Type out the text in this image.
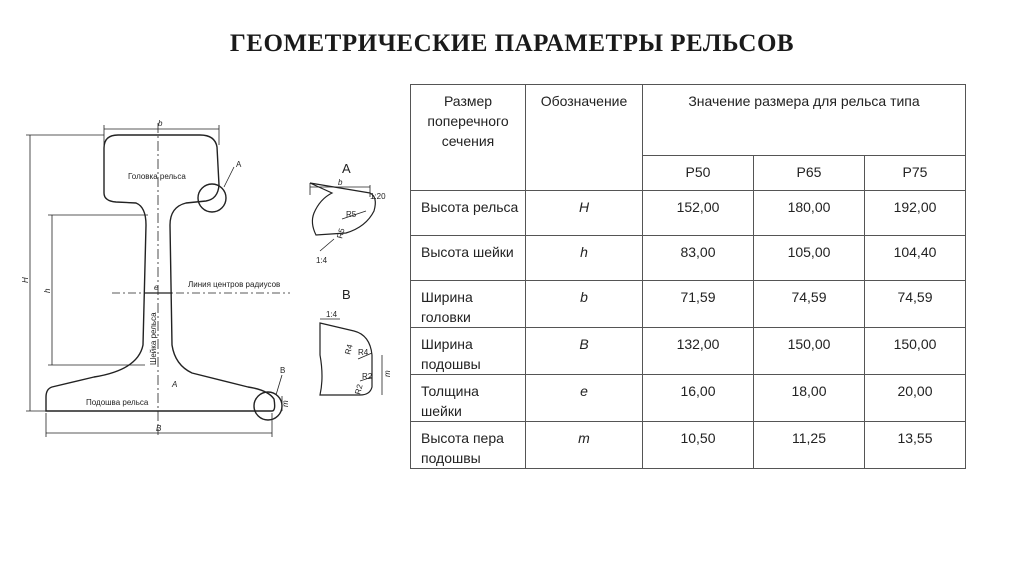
ГЕОМЕТРИЧЕСКИЕ ПАРАМЕТРЫ РЕЛЬСОВ
Головка рельса
Шейка рельса
Подошва рельса
Линия центров радиусов
b
H
h
B
e
m
A
B
A
b
1:20
1:4
R5
R5
1:4
R4 R4
R2
R2
m
A
B
Размер поперечного сечения	Обозначение	Значение размера для рельса типа		
		Р50	Р65	Р75
Высота рельса	H	152,00	180,00	192,00
Высота шейки	h	83,00	105,00	104,40
Ширина головки	b	71,59	74,59	74,59
Ширина подошвы	B	132,00	150,00	150,00
Толщина шейки	e	16,00	18,00	20,00
Высота пера подошвы	m	10,50	11,25	13,55
